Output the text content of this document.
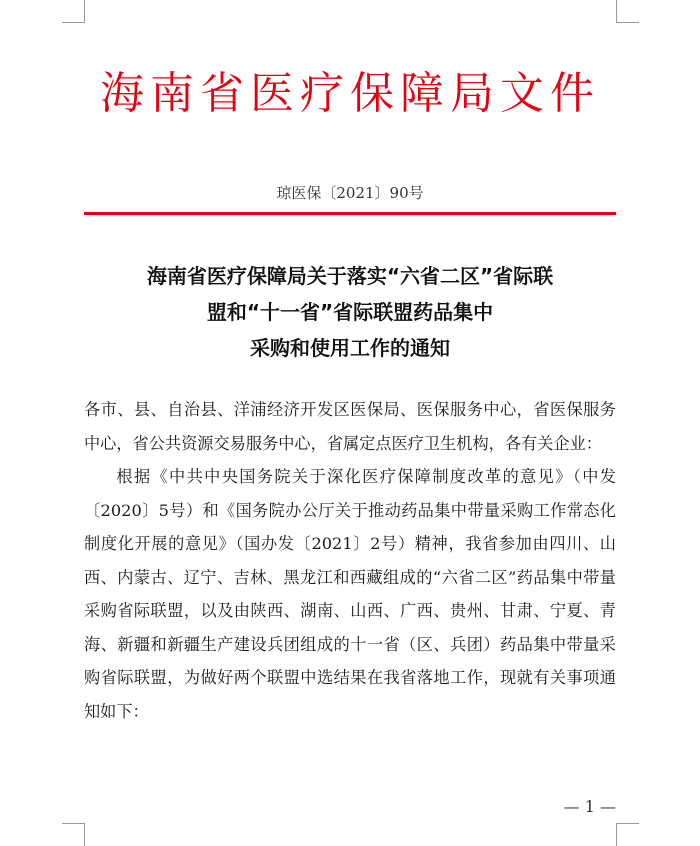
海南省医疗保障局文件
琼医保〔2021〕90号
海南省医疗保障局关于落实“六省二区”省际联
盟和“十一省”省际联盟药品集中
采购和使用工作的通知

各市、县、自治县、洋浦经济开发区医保局、医保服务中心，省医保服务中心，省公共资源交易服务中心，省属定点医疗卫生机构，各有关企业：

根据《中共中央国务院关于深化医疗保障制度改革的意见》（中发〔2020〕5号）和《国务院办公厅关于推动药品集中带量采购工作常态化制度化开展的意见》（国办发〔2021〕2号）精神，我省参加由四川、山西、内蒙古、辽宁、吉林、黑龙江和西藏组成的“六省二区”药品集中带量采购省际联盟，以及由陕西、湖南、山西、广西、贵州、甘肃、宁夏、青海、新疆和新疆生产建设兵团组成的十一省（区、兵团）药品集中带量采购省际联盟，为做好两个联盟中选结果在我省落地工作，现就有关事项通知如下：

— 1 —
